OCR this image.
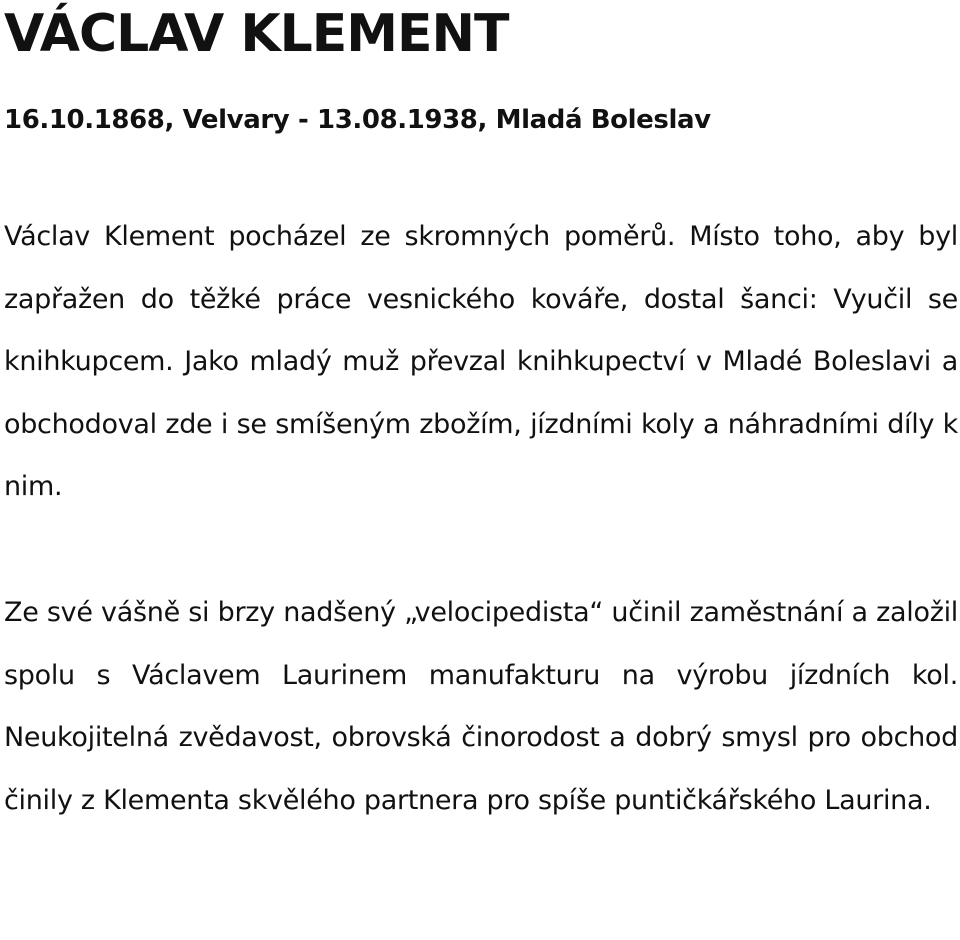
VÁCLAV KLEMENT

16.10.1868, Velvary - 13.08.1938, Mladá Boleslav

Václav Klement pocházel ze skromných poměrů. Místo toho, aby byl zapřažen do těžké práce vesnického kováře, dostal šanci: Vyučil se knihkupcem. Jako mladý muž převzal knihkupectví v Mladé Boleslavi a obchodoval zde i se smíšeným zbožím, jízdními koly a náhradními díly k nim.

Ze své vášně si brzy nadšený „velocipedista“ učinil zaměstnání a založil spolu s Václavem Laurinem manufakturu na výrobu jízdních kol. Neukojitelná zvědavost, obrovská činorodost a dobrý smysl pro obchod činily z Klementa skvělého partnera pro spíše puntičkářského Laurina.
